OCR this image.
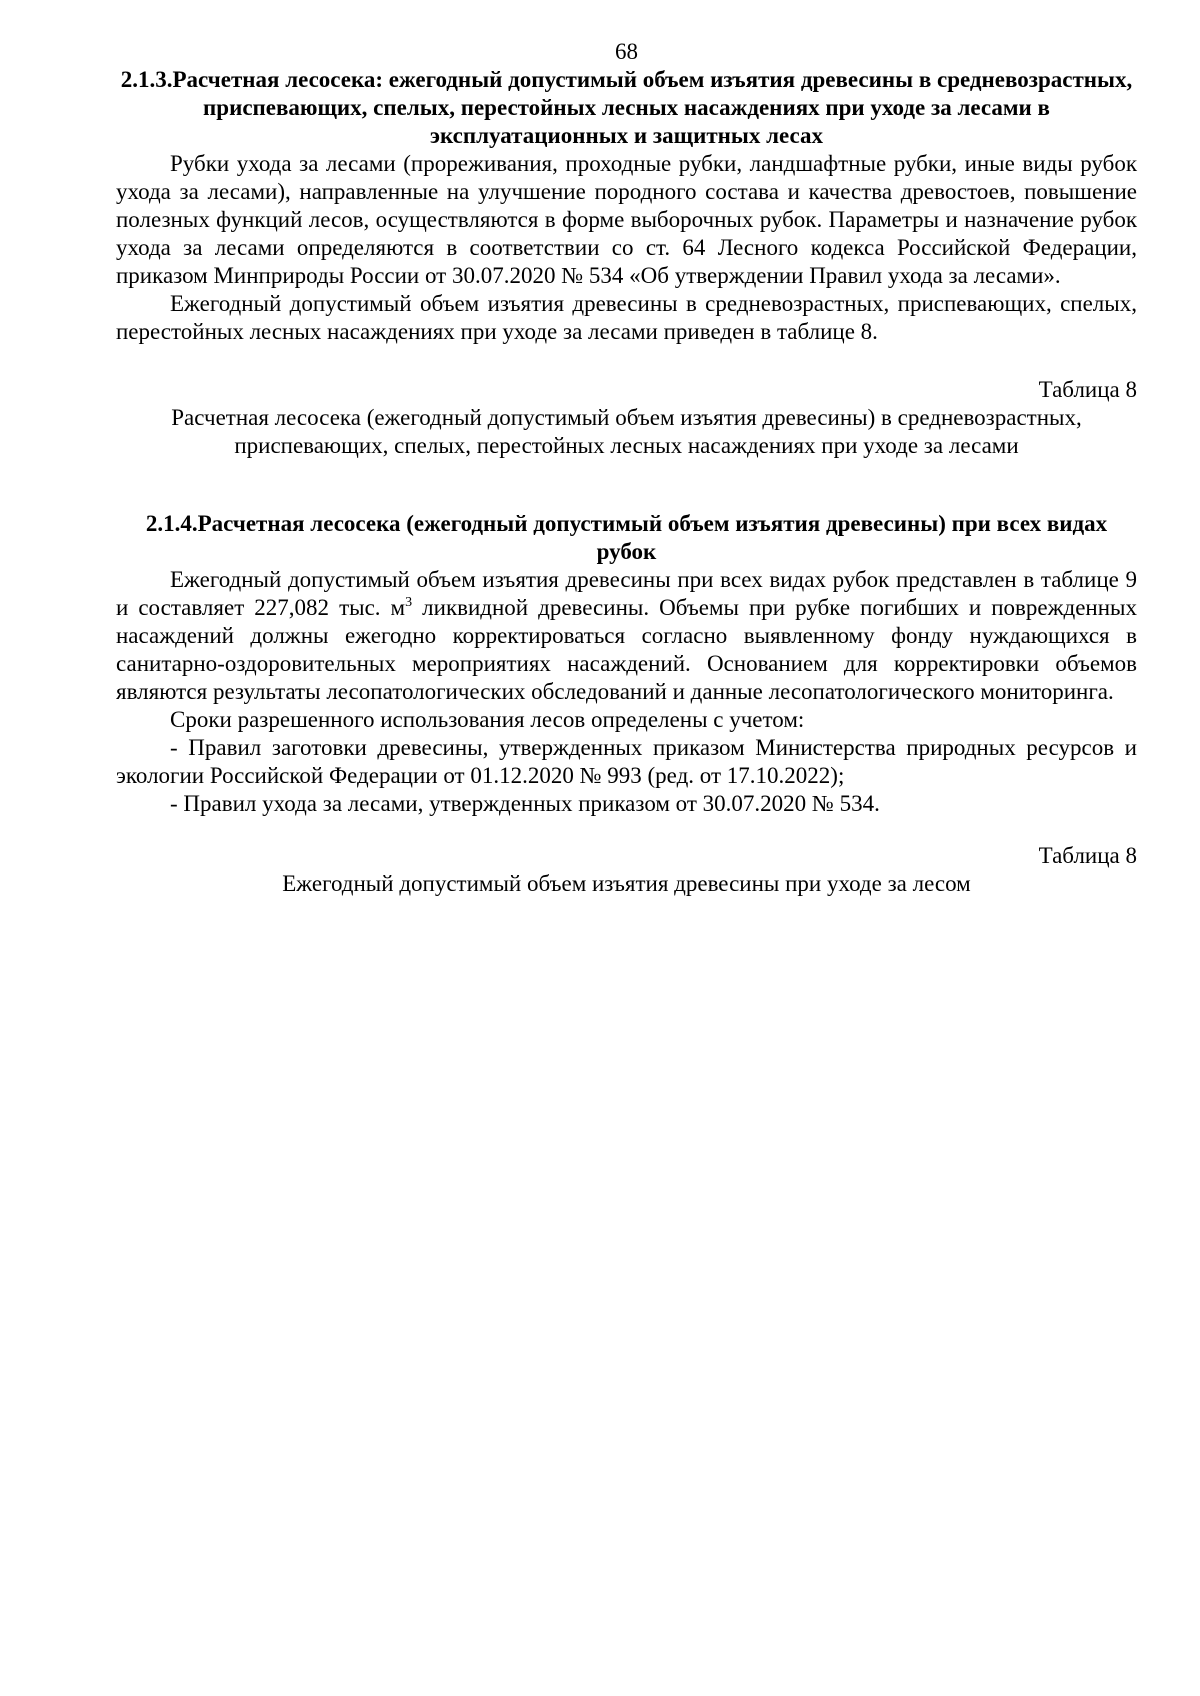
68
2.1.3.Расчетная лесосека: ежегодный допустимый объем изъятия древесины в средневозрастных, приспевающих, спелых, перестойных лесных насаждениях при уходе за лесами в эксплуатационных и защитных лесах

Рубки ухода за лесами (прореживания, проходные рубки, ландшафтные рубки, иные виды рубок ухода за лесами), направленные на улучшение породного состава и качества древостоев, повышение полезных функций лесов, осуществляются в форме выборочных рубок. Параметры и назначение рубок ухода за лесами определяются в соответствии со ст. 64 Лесного кодекса Российской Федерации, приказом Минприроды России от 30.07.2020 № 534 «Об утверждении Правил ухода за лесами».

Ежегодный допустимый объем изъятия древесины в средневозрастных, приспевающих, спелых, перестойных лесных насаждениях при уходе за лесами приведен в таблице 8.

Таблица 8
Расчетная лесосека (ежегодный допустимый объем изъятия древесины) в средневозрастных,
приспевающих, спелых, перестойных лесных насаждениях при уходе за лесами
2.1.4.Расчетная лесосека (ежегодный допустимый объем изъятия древесины) при всех видах рубок

Ежегодный допустимый объем изъятия древесины при всех видах рубок представлен в таблице 9 и составляет 227,082 тыс. $м^3$ ликвидной древесины. Объемы при рубке погибших и поврежденных насаждений должны ежегодно корректироваться согласно выявленному фонду нуждающихся в санитарно-оздоровительных мероприятиях насаждений. Основанием для корректировки объемов являются результаты лесопатологических обследований и данные лесопатологического мониторинга.

Сроки разрешенного использования лесов определены с учетом:

- Правил заготовки древесины, утвержденных приказом Министерства природных ресурсов и экологии Российской Федерации от 01.12.2020 № 993 (ред. от 17.10.2022);

- Правил ухода за лесами, утвержденных приказом от 30.07.2020 № 534.

Таблица 8
Ежегодный допустимый объем изъятия древесины при уходе за лесом
